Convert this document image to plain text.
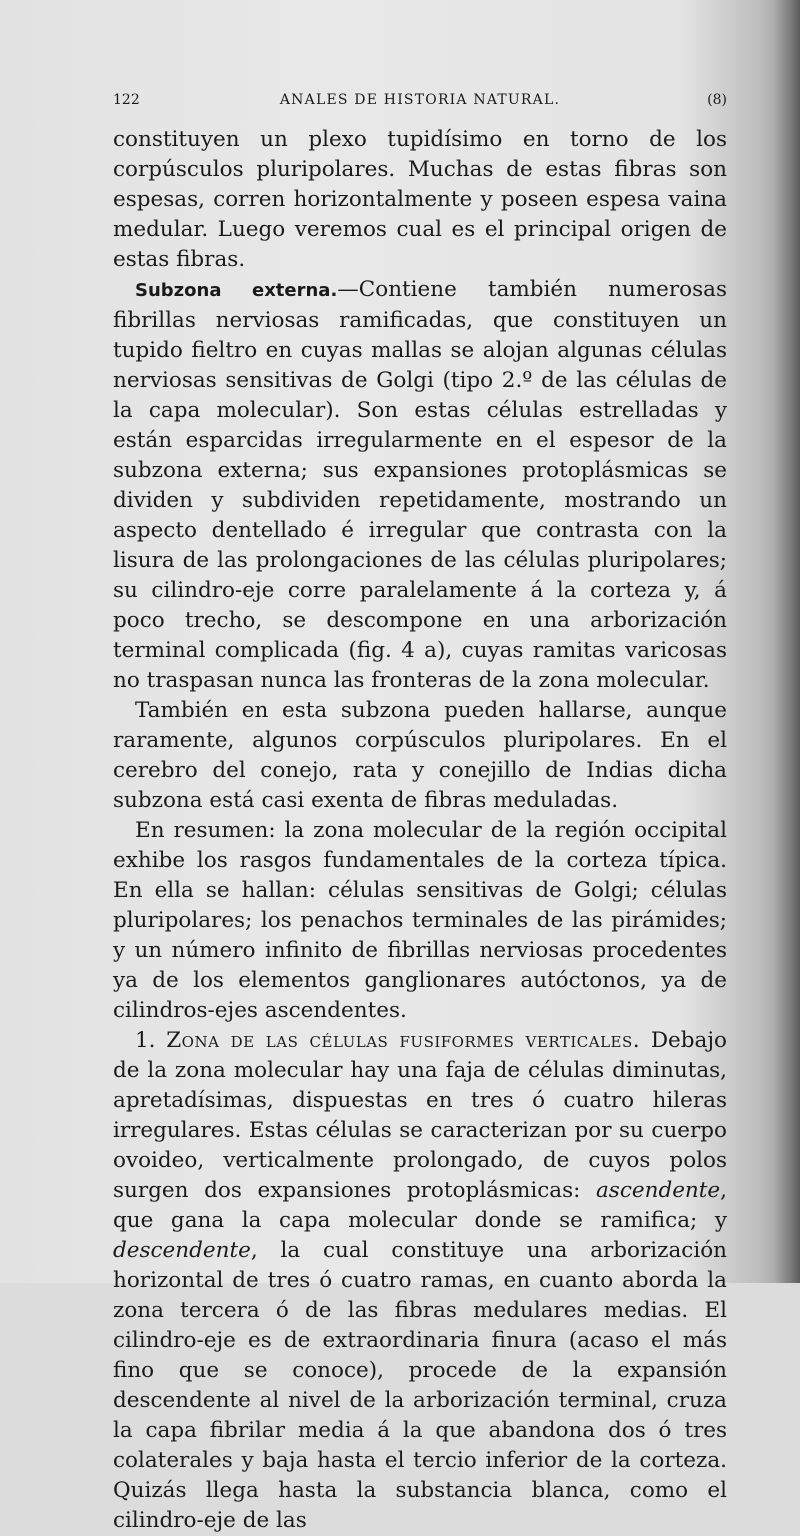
122	ANALES DE HISTORIA NATURAL.	(8)

constituyen un plexo tupidísimo en torno de los corpúsculos pluripolares. Muchas de estas fibras son espesas, corren horizontalmente y poseen espesa vaina medular. Luego veremos cual es el principal origen de estas fibras.

Subzona externa.—Contiene también numerosas fibrillas nerviosas ramificadas, que constituyen un tupido fieltro en cuyas mallas se alojan algunas células nerviosas sensitivas de Golgi (tipo 2.º de las células de la capa molecular). Son estas células estrelladas y están esparcidas irregularmente en el espesor de la subzona externa; sus expansiones protoplásmicas se dividen y subdividen repetidamente, mostrando un aspecto dentellado é irregular que contrasta con la lisura de las prolongaciones de las células pluripolares; su cilindro-eje corre paralelamente á la corteza y, á poco trecho, se descompone en una arborización terminal complicada (fig. 4 a), cuyas ramitas varicosas no traspasan nunca las fronteras de la zona molecular.

También en esta subzona pueden hallarse, aunque raramente, algunos corpúsculos pluripolares. En el cerebro del conejo, rata y conejillo de Indias dicha subzona está casi exenta de fibras meduladas.

En resumen: la zona molecular de la región occipital exhibe los rasgos fundamentales de la corteza típica. En ella se hallan: células sensitivas de Golgi; células pluripolares; los penachos terminales de las pirámides; y un número infinito de fibrillas nerviosas procedentes ya de los elementos ganglionares autóctonos, ya de cilindros-ejes ascendentes.

1. Zona de las células fusiformes verticales. Debajo de la zona molecular hay una faja de células diminutas, apretadísimas, dispuestas en tres ó cuatro hileras irregulares. Estas células se caracterizan por su cuerpo ovoideo, verticalmente prolongado, de cuyos polos surgen dos expansiones protoplásmicas: ascendente, que gana la capa molecular donde se ramifica; y descendente, la cual constituye una arborización horizontal de tres ó cuatro ramas, en cuanto aborda la zona tercera ó de las fibras medulares medias. El cilindro-eje es de extraordinaria finura (acaso el más fino que se conoce), procede de la expansión descendente al nivel de la arborización terminal, cruza la capa fibrilar media á la que abandona dos ó tres colaterales y baja hasta el tercio inferior de la corteza. Quizás llega hasta la substancia blanca, como el cilindro-eje de las
